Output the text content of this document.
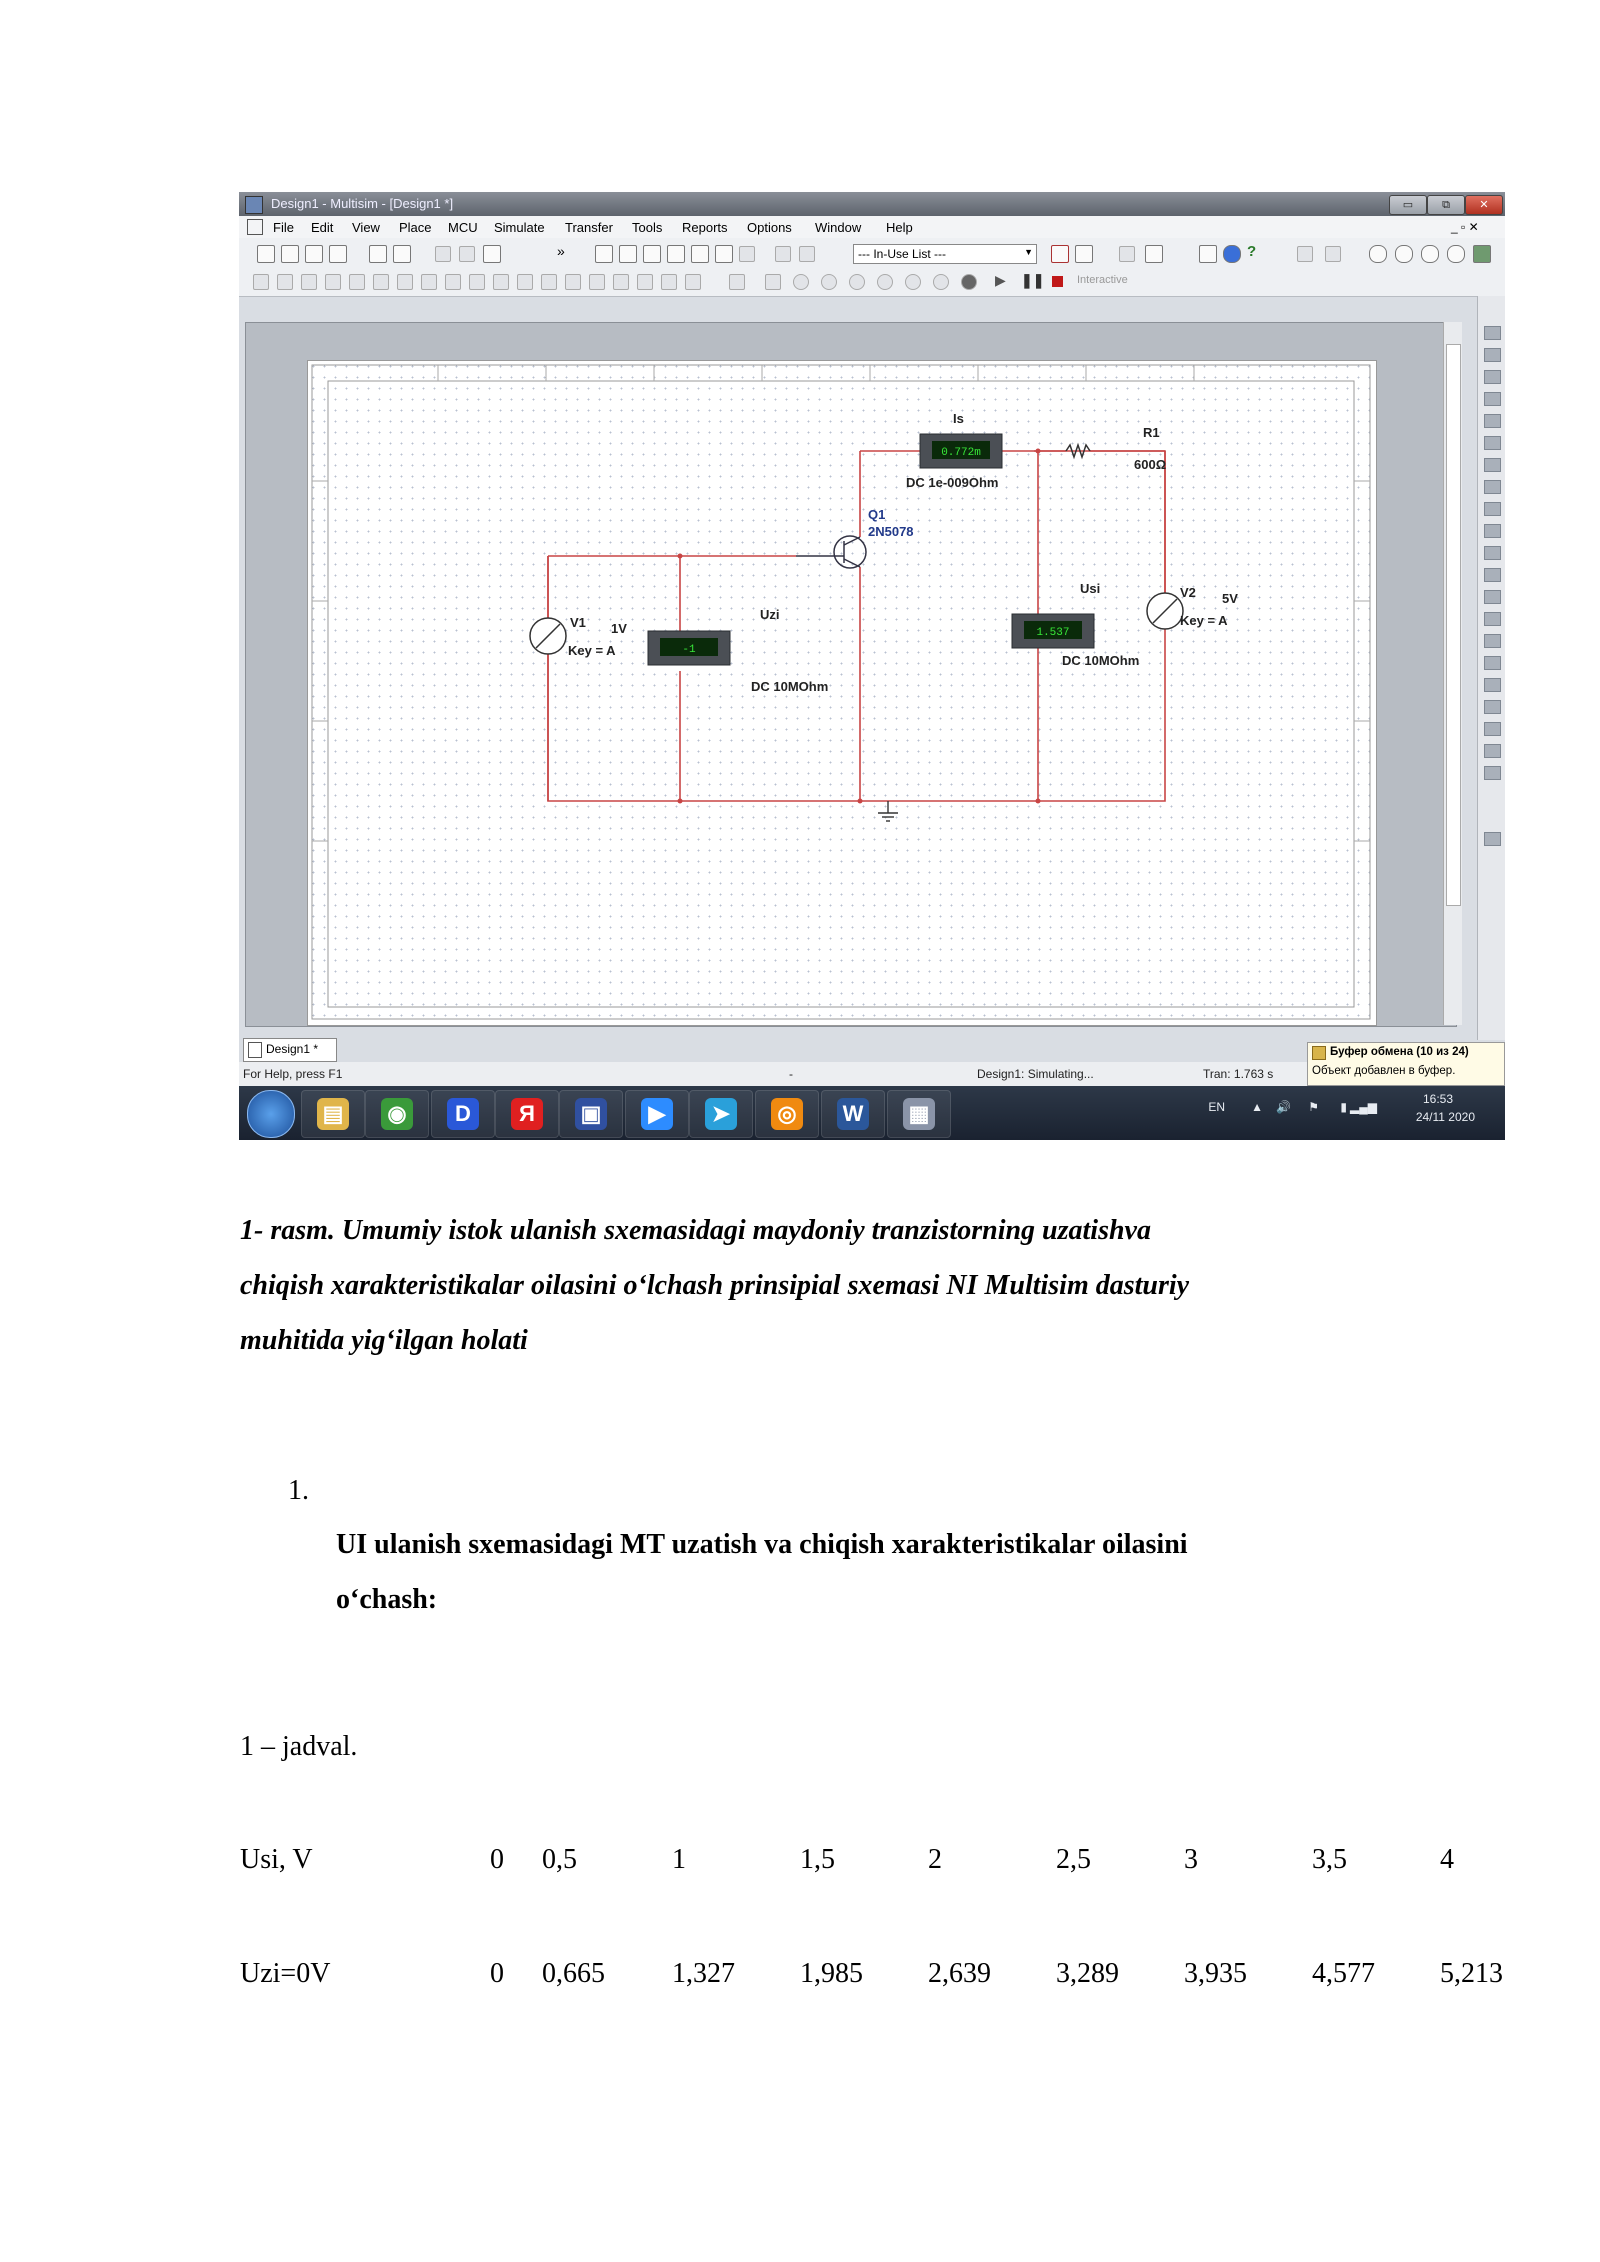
Design1 - Multisim - [Design1 *]	▭	⧉	✕
File Edit View Place MCU Simulate Transfer Tools Reports Options Window Help	_ ▫ ✕
»	--- In-Use List ---	▼	?
▶ ❚❚	Interactive
0.772m
-1
1.537
Is
DC 1e-009Ohm
R1
600Ω
Q1
2N5078
Usi
DC 10MOhm
Uzi
DC 10MOhm
V1 1V
Key = A
V2 5V
Key = A
Design1 *
For Help, press F1	-	Design1: Simulating...	Tran: 1.763 s
Буфер обмена (10 из 24)
Объект добавлен в буфер.
▤ ◉	D	Я	▣	▶	➤	◎ W ▦	EN ▲ 🔊 ⚑ ▮ ▂▄▆
16:53
24/11 2020
1- rasm. Umumiy istok ulanish sxemasidagi maydoniy tranzistorning uzatishva
chiqish xarakteristikalar oilasini o‘lchash prinsipial sxemasi NI Multisim dasturiy
muhitida yig‘ilgan holati
1.
UI ulanish sxemasidagi MT uzatish va chiqish xarakteristikalar oilasini
o‘chash:
1 – jadval.
Usi, V	0 0,5	1	1,5	2	2,5	3	3,5	4
Uzi=0V	0 0,665 1,327 1,985 2,639 3,289 3,935 4,577 5,213
